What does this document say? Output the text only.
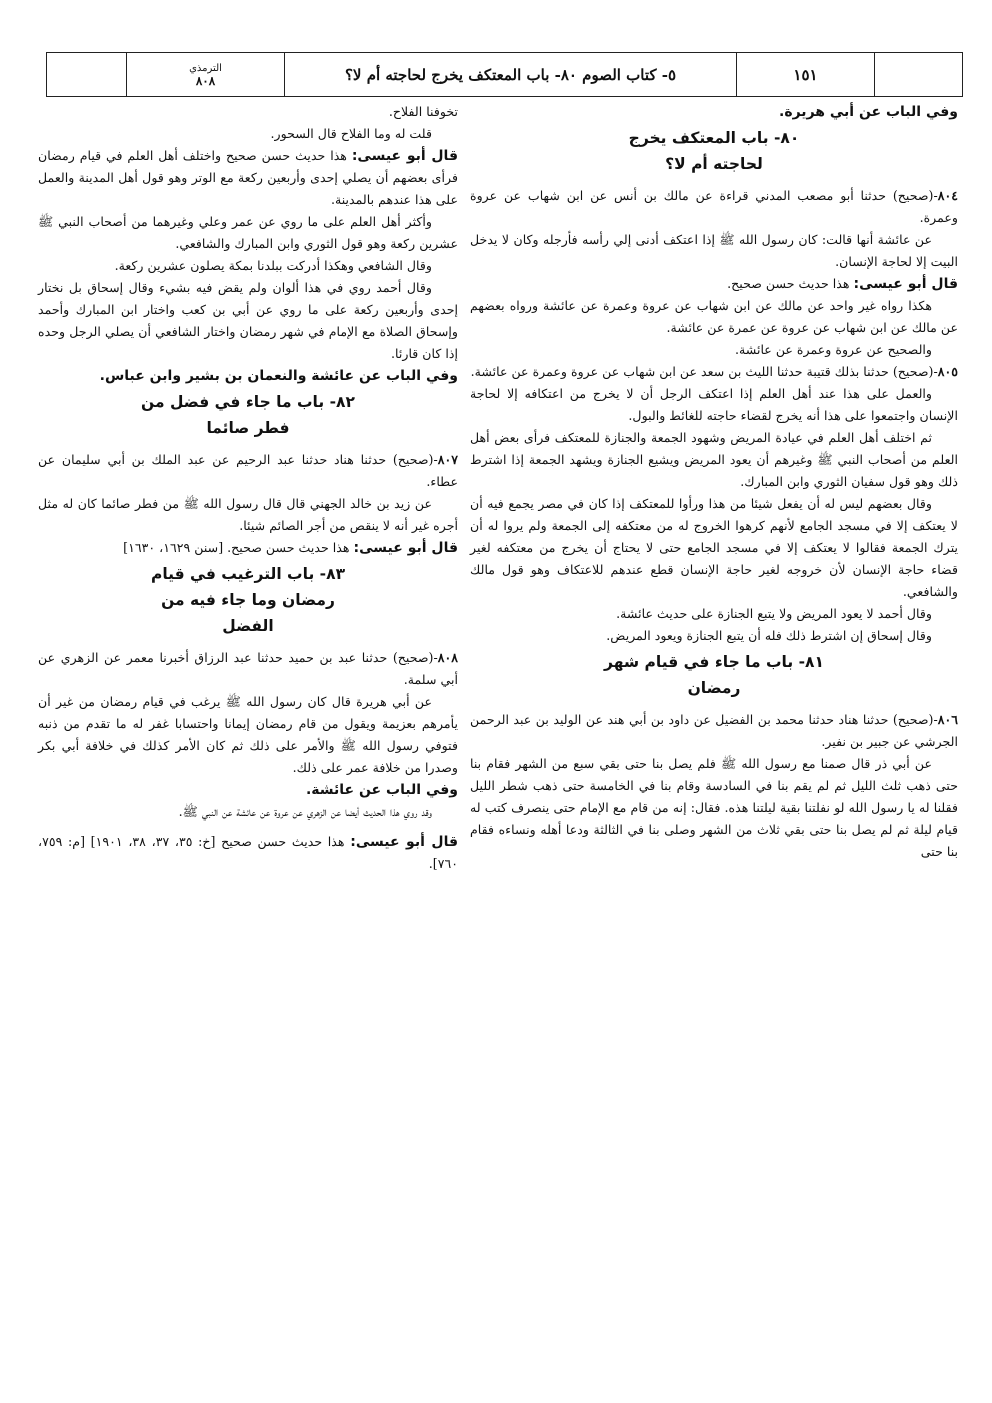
١٥١
٥- كتاب الصوم ٨٠- باب المعتكف يخرج لحاجته أم لا؟
الترمذي
٨٠٨

وفي الباب عن أبي هريرة.

٨٠- باب المعتكف يخرج
لحاجته أم لا؟

٨٠٤-(صحيح) حدثنا أبو مصعب المدني قراءة عن مالك بن أنس عن ابن شهاب عن عروة وعمرة.

عن عائشة أنها قالت: كان رسول الله ﷺ إذا اعتكف أدنى إلي رأسه فأرجله وكان لا يدخل البيت إلا لحاجة الإنسان.

قال أبو عيسى: هذا حديث حسن صحيح.

هكذا رواه غير واحد عن مالك عن ابن شهاب عن عروة وعمرة عن عائشة ورواه بعضهم عن مالك عن ابن شهاب عن عروة عن عمرة عن عائشة.

والصحيح عن عروة وعمرة عن عائشة.

٨٠٥-(صحيح) حدثنا بذلك قتيبة حدثنا الليث بن سعد عن ابن شهاب عن عروة وعمرة عن عائشة.

والعمل على هذا عند أهل العلم إذا اعتكف الرجل أن لا يخرج من اعتكافه إلا لحاجة الإنسان واجتمعوا على هذا أنه يخرج لقضاء حاجته للغائط والبول.

ثم اختلف أهل العلم في عيادة المريض وشهود الجمعة والجنازة للمعتكف فرأى بعض أهل العلم من أصحاب النبي ﷺ وغيرهم أن يعود المريض ويشيع الجنازة ويشهد الجمعة إذا اشترط ذلك وهو قول سفيان الثوري وابن المبارك.

وقال بعضهم ليس له أن يفعل شيئا من هذا ورأوا للمعتكف إذا كان في مصر يجمع فيه أن لا يعتكف إلا في مسجد الجامع لأنهم كرهوا الخروج له من معتكفه إلى الجمعة ولم يروا له أن يترك الجمعة فقالوا لا يعتكف إلا في مسجد الجامع حتى لا يحتاج أن يخرج من معتكفه لغير قضاء حاجة الإنسان لأن خروجه لغير حاجة الإنسان قطع عندهم للاعتكاف وهو قول مالك والشافعي.

وقال أحمد لا يعود المريض ولا يتبع الجنازة على حديث عائشة.

وقال إسحاق إن اشترط ذلك فله أن يتبع الجنازة ويعود المريض.

٨١- باب ما جاء في قيام شهر
رمضان

٨٠٦-(صحيح) حدثنا هناد حدثنا محمد بن الفضيل عن داود بن أبي هند عن الوليد بن عبد الرحمن الجرشي عن جبير بن نفير.

عن أبي ذر قال صمنا مع رسول الله ﷺ فلم يصل بنا حتى بقي سبع من الشهر فقام بنا حتى ذهب ثلث الليل ثم لم يقم بنا في السادسة وقام بنا في الخامسة حتى ذهب شطر الليل فقلنا له يا رسول الله لو نفلتنا بقية ليلتنا هذه. فقال: إنه من قام مع الإمام حتى ينصرف كتب له قيام ليلة ثم لم يصل بنا حتى بقي ثلاث من الشهر وصلى بنا في الثالثة ودعا أهله ونساءه فقام بنا حتى

تخوفنا الفلاح.

قلت له وما الفلاح قال السحور.

قال أبو عيسى: هذا حديث حسن صحيح واختلف أهل العلم في قيام رمضان فرأى بعضهم أن يصلي إحدى وأربعين ركعة مع الوتر وهو قول أهل المدينة والعمل على هذا عندهم بالمدينة.

وأكثر أهل العلم على ما روي عن عمر وعلي وغيرهما من أصحاب النبي ﷺ عشرين ركعة وهو قول الثوري وابن المبارك والشافعي.

وقال الشافعي وهكذا أدركت ببلدنا بمكة يصلون عشرين ركعة.

وقال أحمد روي في هذا ألوان ولم يقض فيه بشيء وقال إسحاق بل نختار إحدى وأربعين ركعة على ما روي عن أبي بن كعب واختار ابن المبارك وأحمد وإسحاق الصلاة مع الإمام في شهر رمضان واختار الشافعي أن يصلي الرجل وحده إذا كان قارئا.

وفي الباب عن عائشة والنعمان بن بشير وابن عباس.

٨٢- باب ما جاء في فضل من
فطر صائما

٨٠٧-(صحيح) حدثنا هناد حدثنا عبد الرحيم عن عبد الملك بن أبي سليمان عن عطاء.

عن زيد بن خالد الجهني قال قال رسول الله ﷺ من فطر صائما كان له مثل أجره غير أنه لا ينقص من أجر الصائم شيئا.

قال أبو عيسى: هذا حديث حسن صحيح. [سنن ١٦٢٩، ١٦٣٠]

٨٣- باب الترغيب في قيام
رمضان وما جاء فيه من
الفضل

٨٠٨-(صحيح) حدثنا عبد بن حميد حدثنا عبد الرزاق أخبرنا معمر عن الزهري عن أبي سلمة.

عن أبي هريرة قال كان رسول الله ﷺ يرغب في قيام رمضان من غير أن يأمرهم بعزيمة ويقول من قام رمضان إيمانا واحتسابا غفر له ما تقدم من ذنبه فتوفي رسول الله ﷺ والأمر على ذلك ثم كان الأمر كذلك في خلافة أبي بكر وصدرا من خلافة عمر على ذلك.

وفي الباب عن عائشة.

وقد روي هذا الحديث أيضا عن الزهري عن عروة عن عائشة عن النبي ﷺ.

قال أبو عيسى: هذا حديث حسن صحيح [خ: ٣٥، ٣٧، ٣٨، ١٩٠١] [م: ٧٥٩، ٧٦٠].
